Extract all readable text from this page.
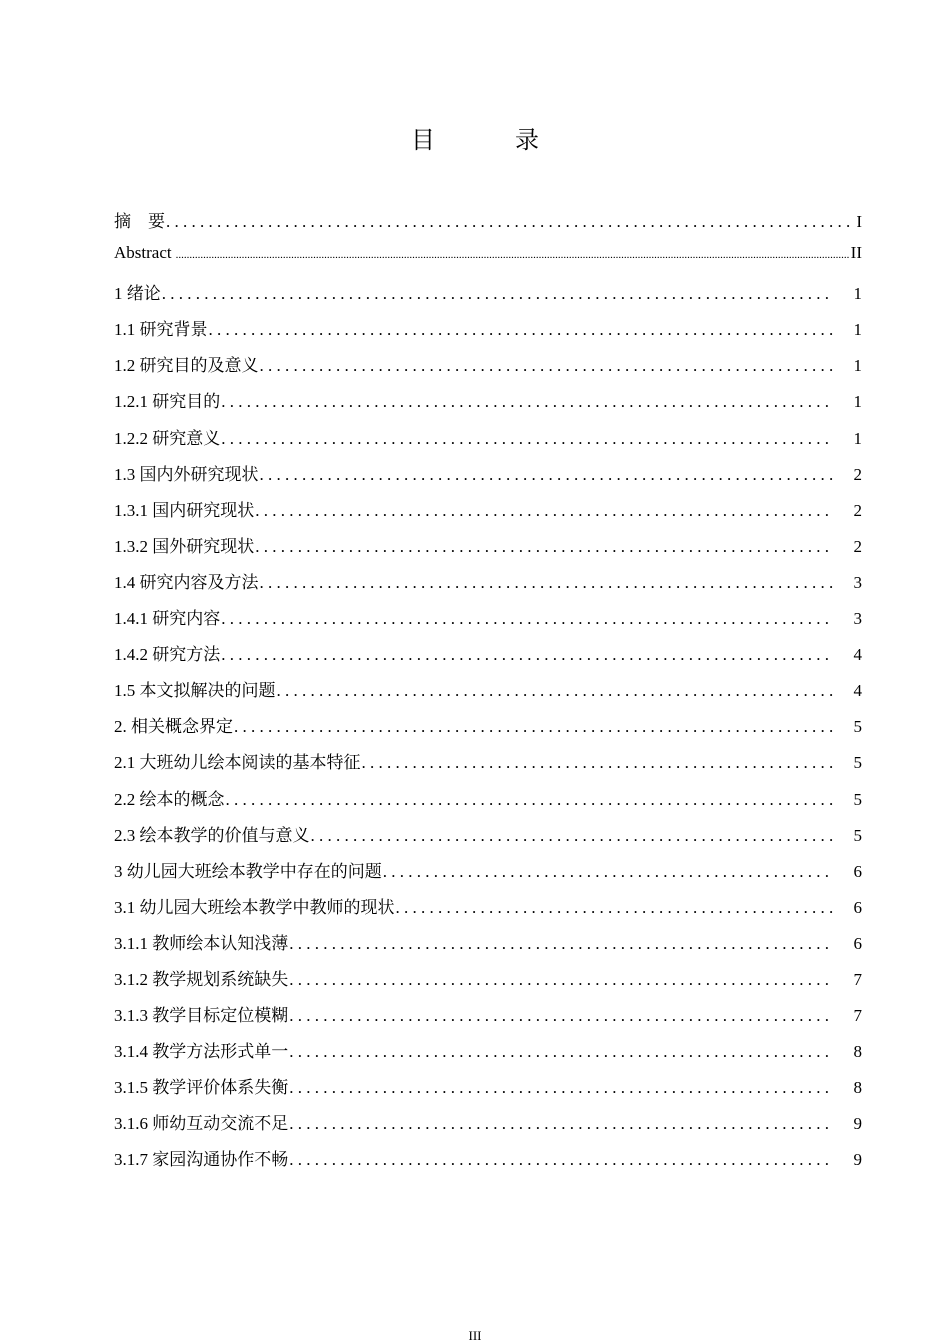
目　录
摘　要 . . .	I
Abstract .....	II
1 绪论 . . .	1
1.1 研究背景 . . .	1
1.2 研究目的及意义 . . .	1
1.2.1 研究目的 . . .	1
1.2.2 研究意义 . . .	1
1.3 国内外研究现状 . . .	2
1.3.1 国内研究现状 . . .	2
1.3.2 国外研究现状 . . .	2
1.4 研究内容及方法 . . .	3
1.4.1 研究内容 . . .	3
1.4.2 研究方法 . . .	4
1.5 本文拟解决的问题 . . .	4
2. 相关概念界定 . . .	5
2.1 大班幼儿绘本阅读的基本特征 . . .	5
2.2 绘本的概念 . . .	5
2.3 绘本教学的价值与意义 . . .	5
3 幼儿园大班绘本教学中存在的问题 . . .	6
3.1 幼儿园大班绘本教学中教师的现状 . . .	6
3.1.1 教师绘本认知浅薄 . . .	6
3.1.2 教学规划系统缺失 . . .	7
3.1.3 教学目标定位模糊 . . .	7
3.1.4 教学方法形式单一 . . .	8
3.1.5 教学评价体系失衡 . . .	8
3.1.6 师幼互动交流不足 . . .	9
3.1.7 家园沟通协作不畅 . . .	9
III
